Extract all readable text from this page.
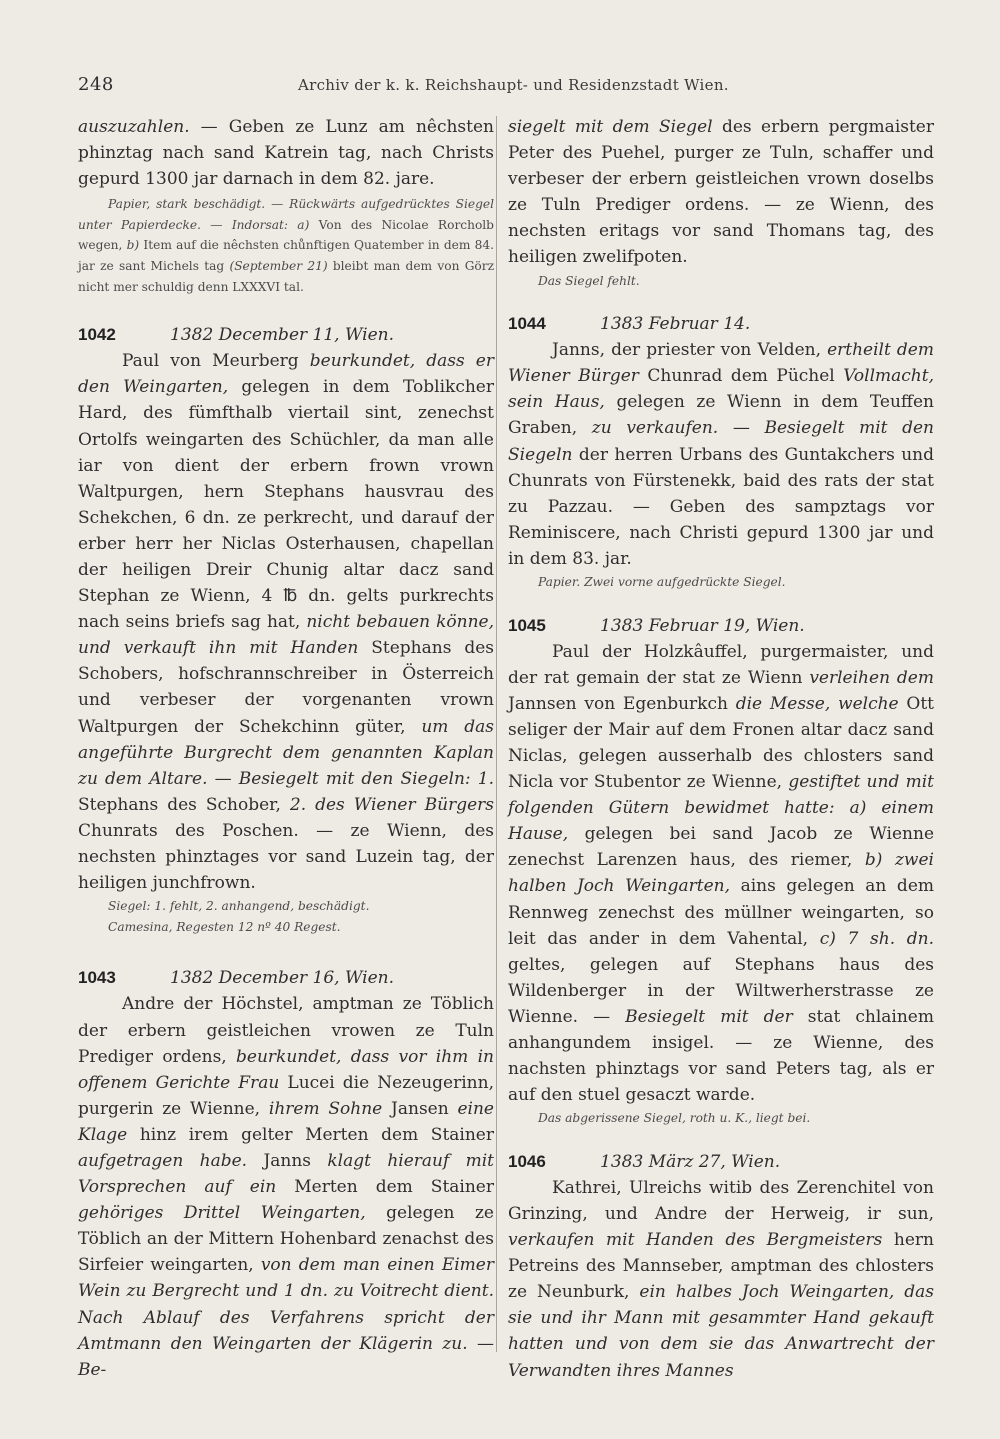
248	Archiv der k. k. Reichshaupt- und Residenzstadt Wien.

auszuzahlen. — Geben ze Lunz am nêchsten phinztag nach sand Katrein tag, nach Christs gepurd 1300 jar darnach in dem 82. jare.

Papier, stark beschädigt. — Rückwärts aufgedrücktes Siegel unter Papierdecke. — Indorsat: a) Von des Nicolae Rorcholb wegen, b) Item auf die nêchsten chůnftigen Quatember in dem 84. jar ze sant Michels tag (September 21) bleibt man dem von Görz nicht mer schuldig denn LXXXVI tal.

1042	1382 December 11, Wien.

Paul von Meurberg beurkundet, dass er den Weingarten, gelegen in dem Toblikcher Hard, des fümfthalb viertail sint, zenechst Ortolfs weingarten des Schüchler, da man alle iar von dient der erbern frown vrown Waltpurgen, hern Stephans hausvrau des Schekchen, 6 dn. ze perkrecht, und darauf der erber herr her Niclas Osterhausen, chapellan der heiligen Dreir Chunig altar dacz sand Stephan ze Wienn, 4 ℔ dn. gelts purkrechts nach seins briefs sag hat, nicht bebauen könne, und verkauft ihn mit Handen Stephans des Schobers, hofschrannschreiber in Österreich und verbeser der vorgenanten vrown Waltpurgen der Schekchinn güter, um das angeführte Burgrecht dem genannten Kaplan zu dem Altare. — Besiegelt mit den Siegeln: 1. Stephans des Schober, 2. des Wiener Bürgers Chunrats des Poschen. — ze Wienn, des nechsten phinztages vor sand Luzein tag, der heiligen junchfrown.

Siegel: 1. fehlt, 2. anhangend, beschädigt.

Camesina, Regesten 12 nº 40 Regest.

1043	1382 December 16, Wien.

Andre der Höchstel, amptman ze Töblich der erbern geistleichen vrowen ze Tuln Prediger ordens, beurkundet, dass vor ihm in offenem Gerichte Frau Lucei die Nezeugerinn, purgerin ze Wienne, ihrem Sohne Jansen eine Klage hinz irem gelter Merten dem Stainer aufgetragen habe. Janns klagt hierauf mit Vorsprechen auf ein Merten dem Stainer gehöriges Drittel Weingarten, gelegen ze Töblich an der Mittern Hohenbard zenachst des Sirfeier weingarten, von dem man einen Eimer Wein zu Bergrecht und 1 dn. zu Voitrecht dient. Nach Ablauf des Verfahrens spricht der Amtmann den Weingarten der Klägerin zu. — Be-

siegelt mit dem Siegel des erbern pergmaister Peter des Puehel, purger ze Tuln, schaffer und verbeser der erbern geistleichen vrown doselbs ze Tuln Prediger ordens. — ze Wienn, des nechsten eritags vor sand Thomans tag, des heiligen zwelifpoten.

Das Siegel fehlt.

1044	1383 Februar 14.

Janns, der priester von Velden, ertheilt dem Wiener Bürger Chunrad dem Püchel Vollmacht, sein Haus, gelegen ze Wienn in dem Teuffen Graben, zu verkaufen. — Besiegelt mit den Siegeln der herren Urbans des Guntakchers und Chunrats von Fürstenekk, baid des rats der stat zu Pazzau. — Geben des sampztags vor Reminiscere, nach Christi gepurd 1300 jar und in dem 83. jar.

Papier. Zwei vorne aufgedrückte Siegel.

1045	1383 Februar 19, Wien.

Paul der Holzkâuffel, purgermaister, und der rat gemain der stat ze Wienn verleihen dem Jannsen von Egenburkch die Messe, welche Ott seliger der Mair auf dem Fronen altar dacz sand Niclas, gelegen ausserhalb des chlosters sand Nicla vor Stubentor ze Wienne, gestiftet und mit folgenden Gütern bewidmet hatte: a) einem Hause, gelegen bei sand Jacob ze Wienne zenechst Larenzen haus, des riemer, b) zwei halben Joch Weingarten, ains gelegen an dem Rennweg zenechst des müllner weingarten, so leit das ander in dem Vahental, c) 7 sh. dn. geltes, gelegen auf Stephans haus des Wildenberger in der Wiltwerherstrasse ze Wienne. — Besiegelt mit der stat chlainem anhangundem insigel. — ze Wienne, des nachsten phinztags vor sand Peters tag, als er auf den stuel gesaczt warde.

Das abgerissene Siegel, roth u. K., liegt bei.

1046	1383 März 27, Wien.

Kathrei, Ulreichs witib des Zerenchitel von Grinzing, und Andre der Herweig, ir sun, verkaufen mit Handen des Bergmeisters hern Petreins des Mannseber, amptman des chlosters ze Neunburk, ein halbes Joch Weingarten, das sie und ihr Mann mit gesammter Hand gekauft hatten und von dem sie das Anwartrecht der Verwandten ihres Mannes
